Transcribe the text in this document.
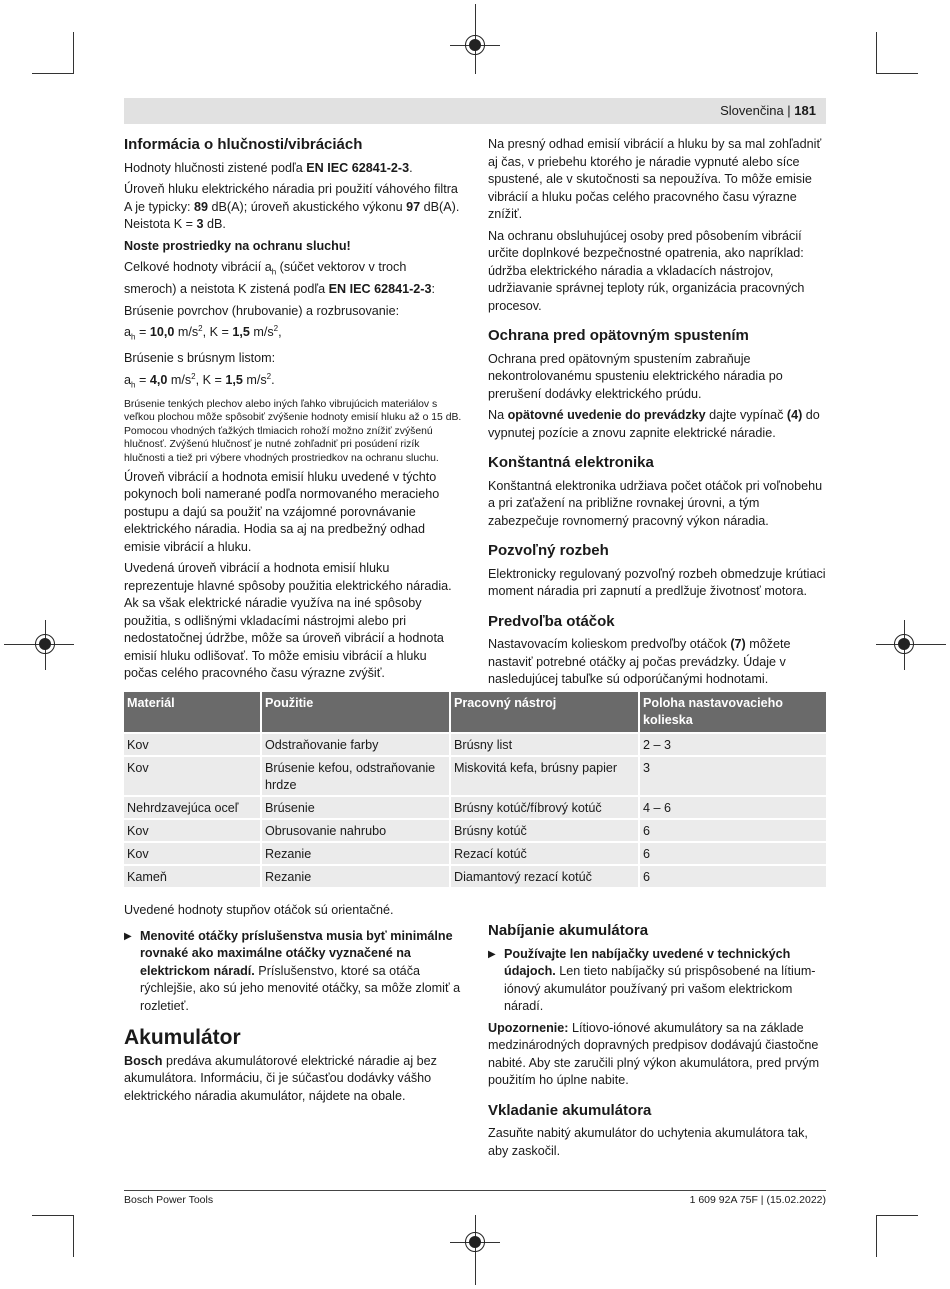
Slovenčina | 181
Informácia o hlučnosti/vibráciách

Hodnoty hlučnosti zistené podľa EN IEC 62841-2-3.

Úroveň hluku elektrického náradia pri použití váhového filtra A je typicky: 89 dB(A); úroveň akustického výkonu 97 dB(A). Neistota K = 3 dB.

Noste prostriedky na ochranu sluchu!

Celkové hodnoty vibrácií $a_h$ (súčet vektorov v troch smeroch) a neistota K zistená podľa EN IEC 62841-2-3:

Brúsenie povrchov (hrubovanie) a rozbrusovanie:

$a_h = 10,0$ $m/s^2$, K = 1,5 $m/s^2$,

Brúsenie s brúsnym listom:

$a_h = 4,0$ $m/s^2$, K = 1,5 $m/s^2$.

Brúsenie tenkých plechov alebo iných ľahko vibrujúcich materiálov s veľkou plochou môže spôsobiť zvýšenie hodnoty emisií hluku až o 15 dB. Pomocou vhodných ťažkých tlmiacich rohoží možno znížiť zvýšenú hlučnosť. Zvýšenú hlučnosť je nutné zohľadniť pri posúdení rizík hlučnosti a tiež pri výbere vhodných prostriedkov na ochranu sluchu.

Úroveň vibrácií a hodnota emisií hluku uvedené v týchto pokynoch boli namerané podľa normovaného meracieho postupu a dajú sa použiť na vzájomné porovnávanie elektrického náradia. Hodia sa aj na predbežný odhad emisie vibrácií a hluku.

Uvedená úroveň vibrácií a hodnota emisií hluku reprezentuje hlavné spôsoby použitia elektrického náradia. Ak sa však elektrické náradie využíva na iné spôsoby použitia, s odlišnými vkladacími nástrojmi alebo pri nedostatočnej údržbe, môže sa úroveň vibrácií a hodnota emisií hluku odlišovať. To môže emisiu vibrácií a hluku počas celého pracovného času výrazne zvýšiť.

Na presný odhad emisií vibrácií a hluku by sa mal zohľadniť aj čas, v priebehu ktorého je náradie vypnuté alebo síce spustené, ale v skutočnosti sa nepoužíva. To môže emisie vibrácií a hluku počas celého pracovného času výrazne znížiť.

Na ochranu obsluhujúcej osoby pred pôsobením vibrácií určite doplnkové bezpečnostné opatrenia, ako napríklad: údržba elektrického náradia a vkladacích nástrojov, udržiavanie správnej teploty rúk, organizácia pracovných procesov.

Ochrana pred opätovným spustením

Ochrana pred opätovným spustením zabraňuje nekontrolovanému spusteniu elektrického náradia po prerušení dodávky elektrického prúdu.

Na opätovné uvedenie do prevádzky dajte vypínač (4) do vypnutej pozície a znovu zapnite elektrické náradie.

Konštantná elektronika

Konštantná elektronika udržiava počet otáčok pri voľnobehu a pri zaťažení na približne rovnakej úrovni, a tým zabezpečuje rovnomerný pracovný výkon náradia.

Pozvoľný rozbeh

Elektronicky regulovaný pozvoľný rozbeh obmedzuje krútiaci moment náradia pri zapnutí a predlžuje životnosť motora.

Predvoľba otáčok

Nastavovacím kolieskom predvoľby otáčok (7) môžete nastaviť potrebné otáčky aj počas prevádzky. Údaje v nasledujúcej tabuľke sú odporúčanými hodnotami.

Materiál	Použitie	Pracovný nástroj	Poloha nastavovacieho kolieska
Kov	Odstraňovanie farby	Brúsny list	2 – 3
Kov	Brúsenie kefou, odstraňovanie hrdze	Miskovitá kefa, brúsny papier	3
Nehrdzavejúca oceľ	Brúsenie	Brúsny kotúč/fíbrový kotúč	4 – 6
Kov	Obrusovanie nahrubo	Brúsny kotúč	6
Kov	Rezanie	Rezací kotúč	6
Kameň	Rezanie	Diamantový rezací kotúč	6

Uvedené hodnoty stupňov otáčok sú orientačné.

▶ Menovité otáčky príslušenstva musia byť minimálne rovnaké ako maximálne otáčky vyznačené na elektrickom náradí. Príslušenstvo, ktoré sa otáča rýchlejšie, ako sú jeho menovité otáčky, sa môže zlomiť a rozletieť.

Akumulátor

Bosch predáva akumulátorové elektrické náradie aj bez akumulátora. Informáciu, či je súčasťou dodávky vášho elektrického náradia akumulátor, nájdete na obale.

Nabíjanie akumulátora

▶ Používajte len nabíjačky uvedené v technických údajoch. Len tieto nabíjačky sú prispôsobené na lítium-iónový akumulátor používaný pri vašom elektrickom náradí.

Upozornenie: Lítiovo-iónové akumulátory sa na základe medzinárodných dopravných predpisov dodávajú čiastočne nabité. Aby ste zaručili plný výkon akumulátora, pred prvým použitím ho úplne nabite.

Vkladanie akumulátora

Zasuňte nabitý akumulátor do uchytenia akumulátora tak, aby zaskočil.

Bosch Power Tools	1 609 92A 75F | (15.02.2022)
